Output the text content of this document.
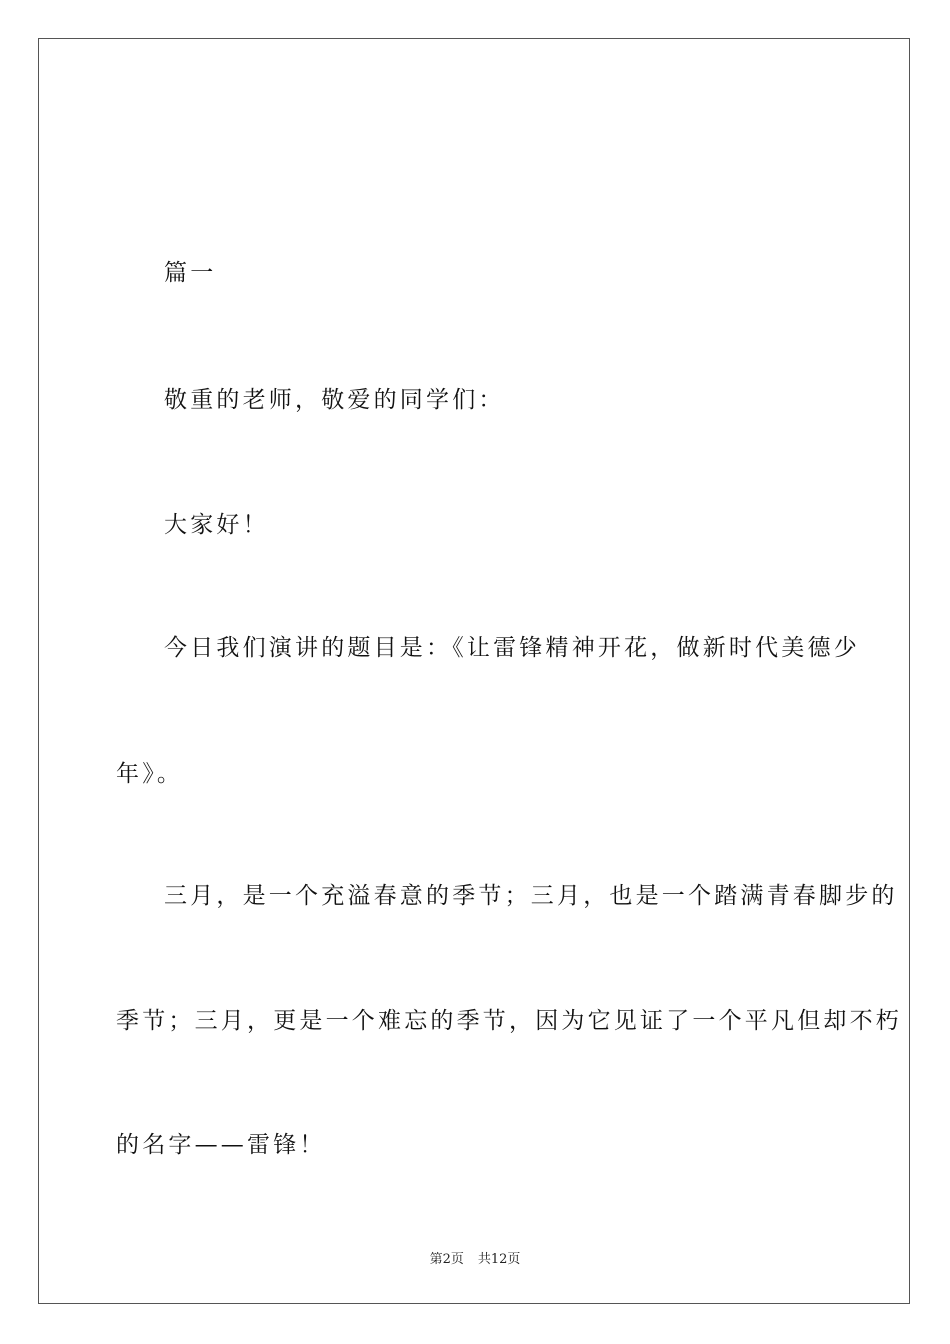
篇一
敬重的老师，敬爱的同学们：
大家好！
今日我们演讲的题目是：《让雷锋精神开花，做新时代美德少
年》。
三月，是一个充溢春意的季节；三月，也是一个踏满青春脚步的
季节；三月，更是一个难忘的季节，因为它见证了一个平凡但却不朽
的名字——雷锋！
第2页 共12页
